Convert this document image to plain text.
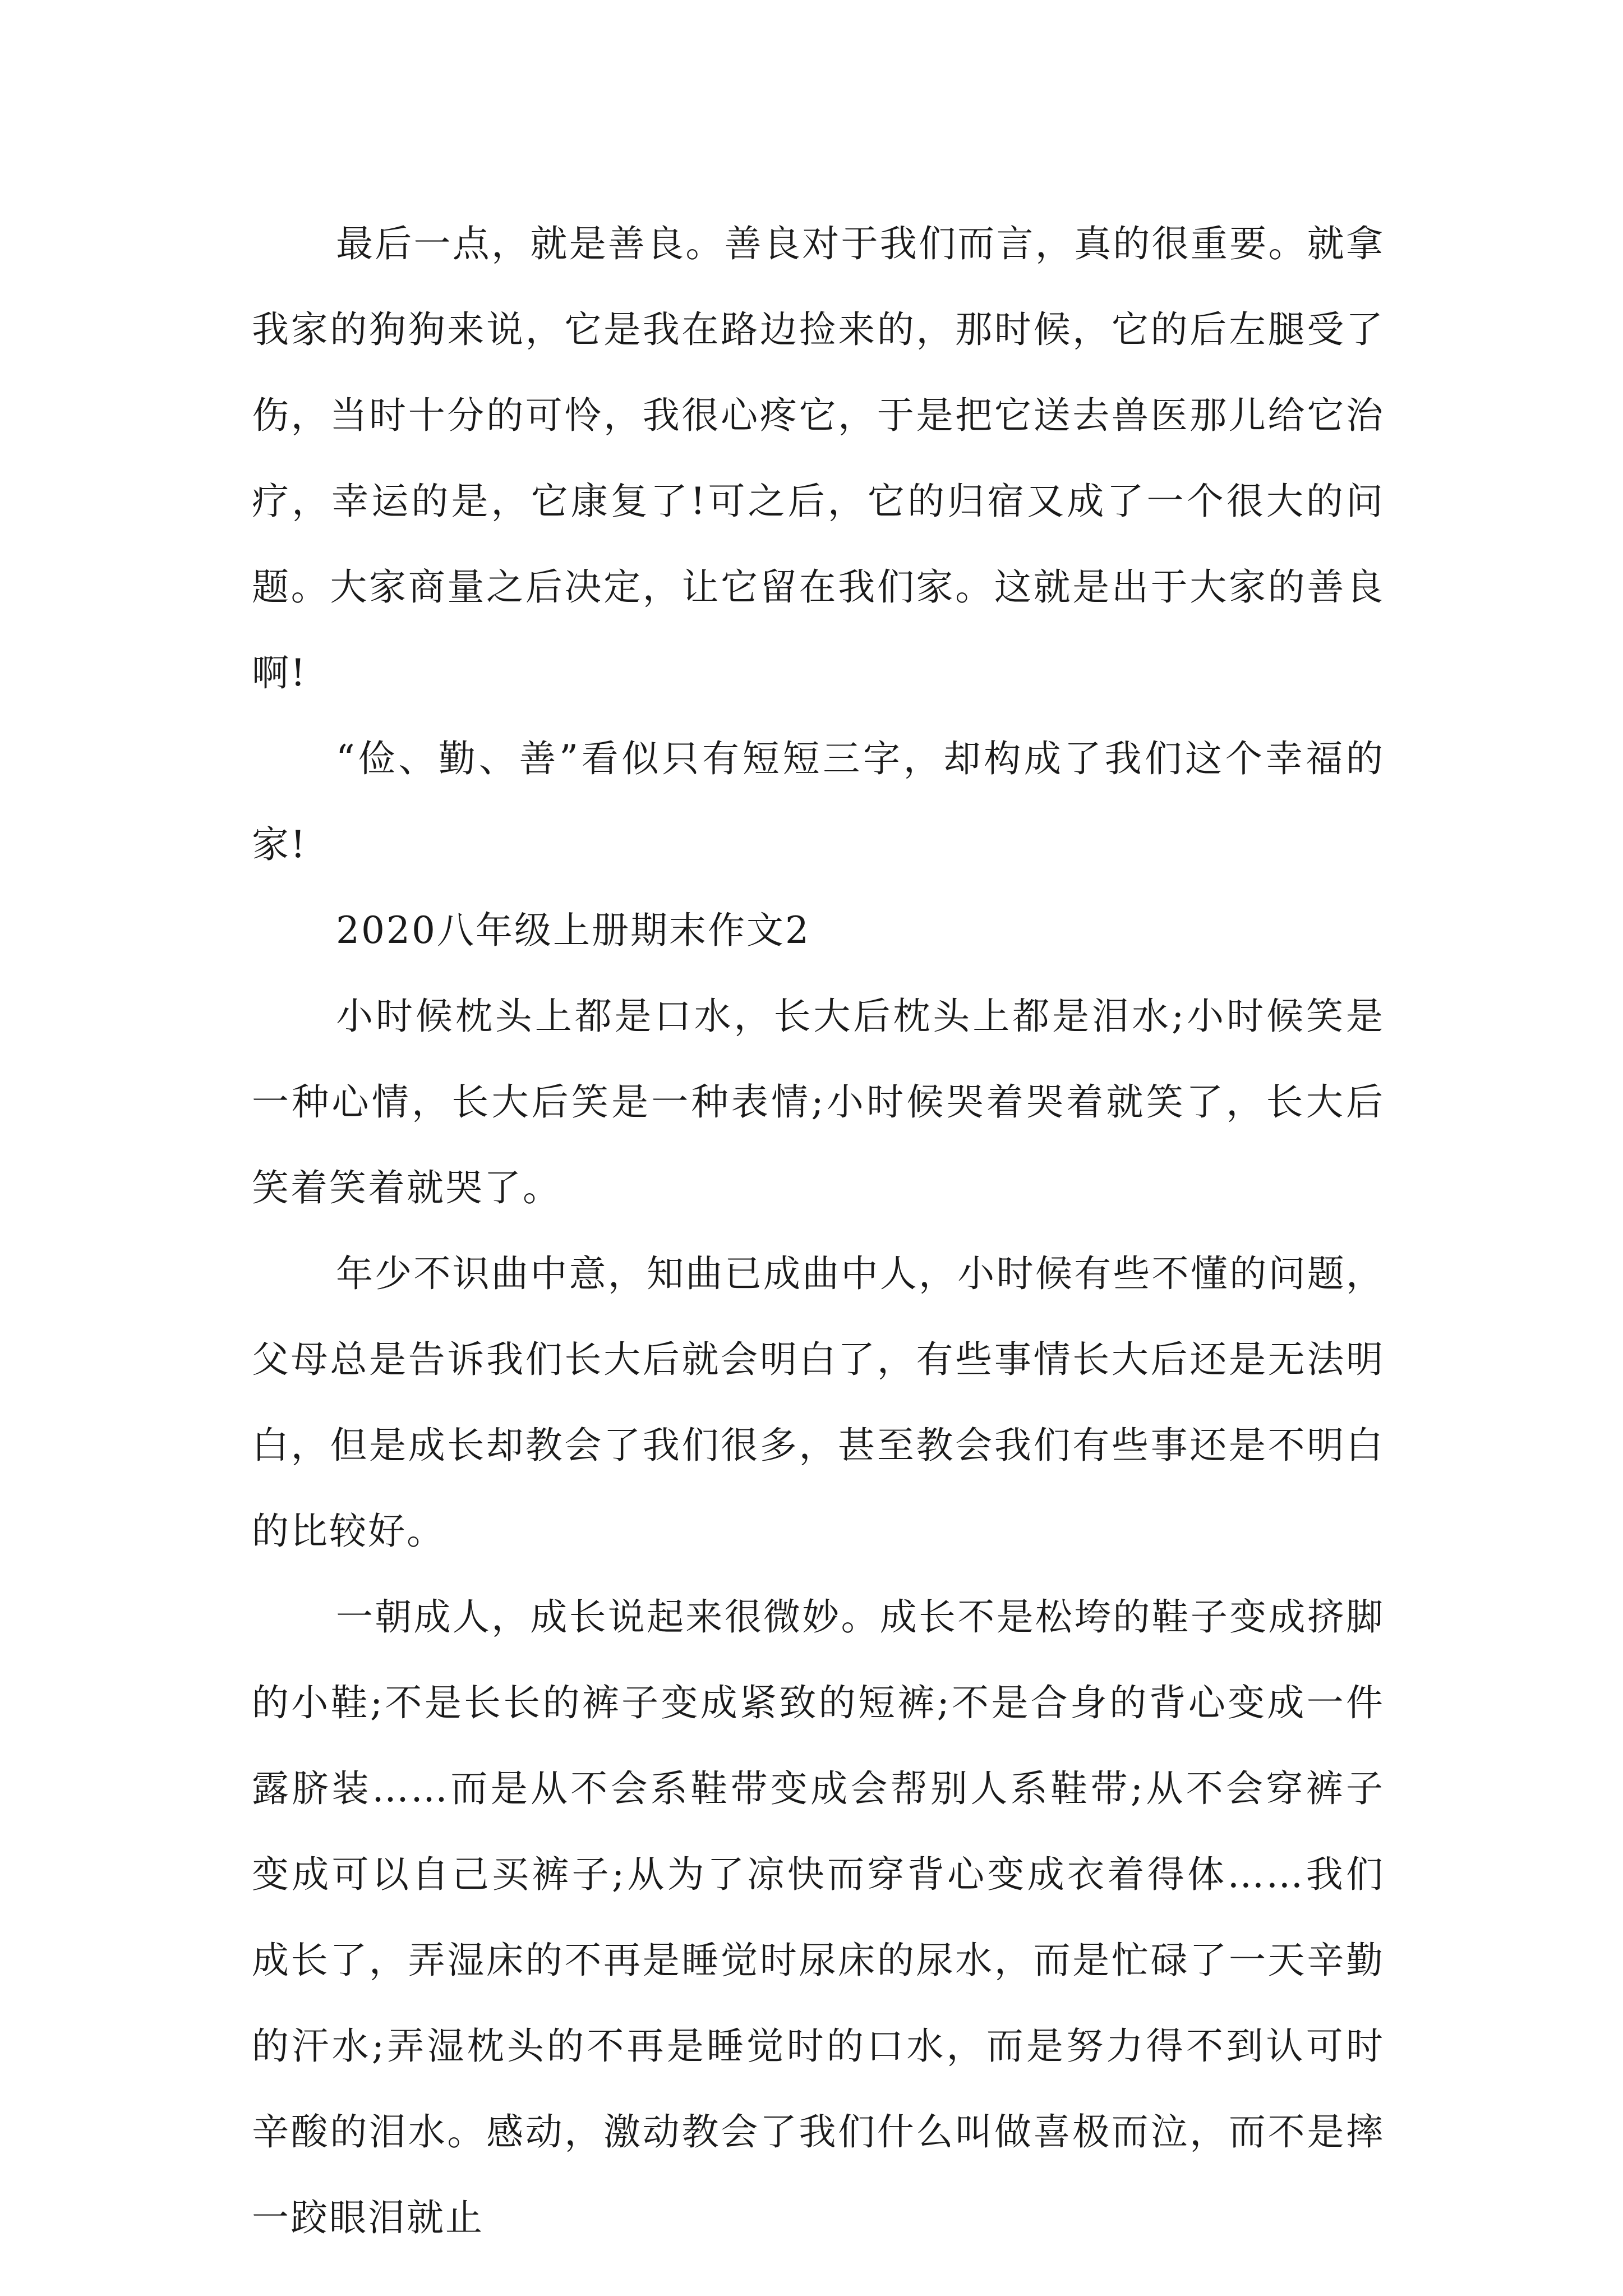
最后一点，就是善良。善良对于我们而言，真的很重要。就拿我家的狗狗来说，它是我在路边捡来的，那时候，它的后左腿受了伤，当时十分的可怜，我很心疼它，于是把它送去兽医那儿给它治疗，幸运的是，它康复了!可之后，它的归宿又成了一个很大的问题。大家商量之后决定，让它留在我们家。这就是出于大家的善良啊!

“俭、勤、善”看似只有短短三字，却构成了我们这个幸福的家!

2020八年级上册期末作文2

小时候枕头上都是口水，长大后枕头上都是泪水;小时候笑是一种心情，长大后笑是一种表情;小时候哭着哭着就笑了，长大后笑着笑着就哭了。

年少不识曲中意，知曲已成曲中人，小时候有些不懂的问题，父母总是告诉我们长大后就会明白了，有些事情长大后还是无法明白，但是成长却教会了我们很多，甚至教会我们有些事还是不明白的比较好。

一朝成人，成长说起来很微妙。成长不是松垮的鞋子变成挤脚的小鞋;不是长长的裤子变成紧致的短裤;不是合身的背心变成一件露脐装……而是从不会系鞋带变成会帮别人系鞋带;从不会穿裤子变成可以自己买裤子;从为了凉快而穿背心变成衣着得体……我们成长了，弄湿床的不再是睡觉时尿床的尿水，而是忙碌了一天辛勤的汗水;弄湿枕头的不再是睡觉时的口水，而是努力得不到认可时辛酸的泪水。感动，激动教会了我们什么叫做喜极而泣，而不是摔一跤眼泪就止
